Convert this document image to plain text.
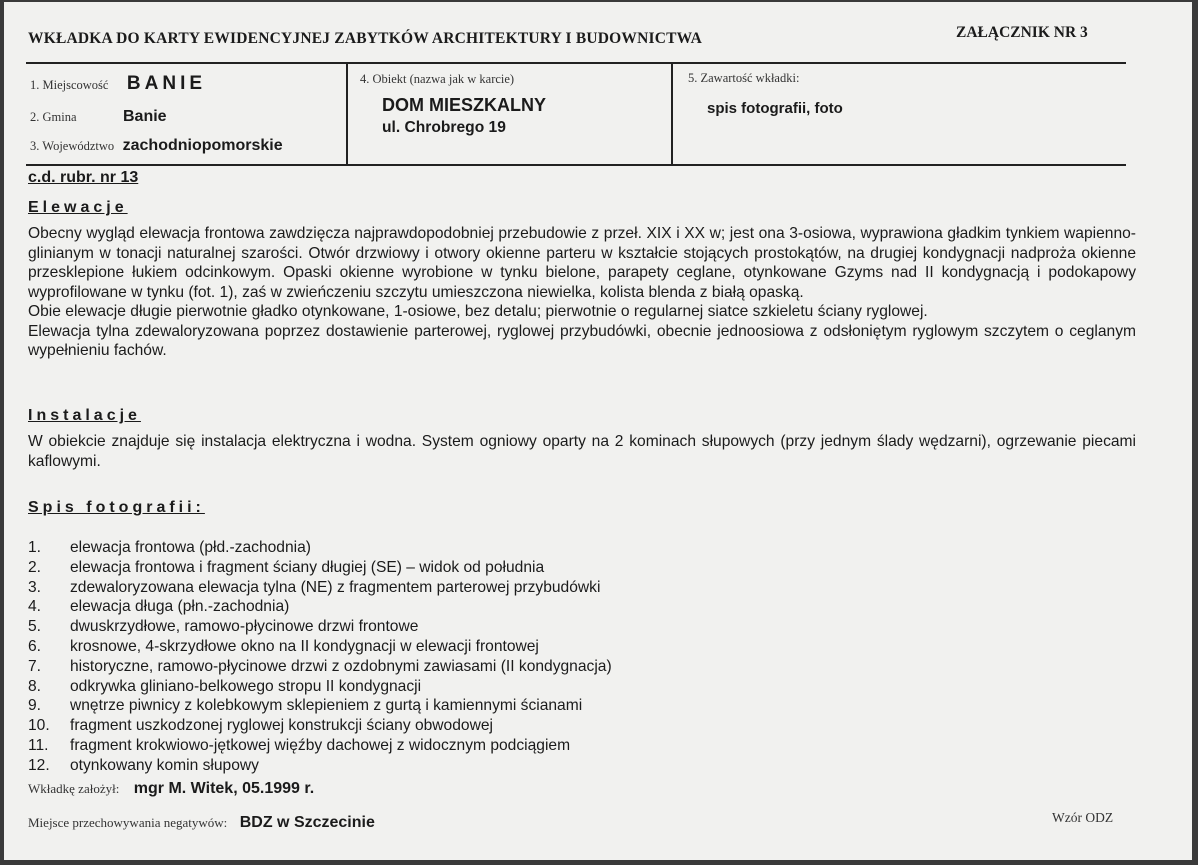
WKŁADKA DO KARTY EWIDENCYJNEJ ZABYTKÓW ARCHITEKTURY I BUDOWNICTWA	ZAŁĄCZNIK NR 3
1. Miejscowość BANIE
2. Gmina	Banie
3. Województwo zachodniopomorskie
4. Obiekt (nazwa jak w karcie)
DOM MIESZKALNY
ul. Chrobrego 19
5. Zawartość wkładki:
spis fotografii, foto
c.d. rubr. nr 13
Elewacje
Obecny wygląd elewacja frontowa zawdzięcza najprawdopodobniej przebudowie z przeł. XIX i XX w; jest ona 3-osiowa, wyprawiona gładkim tynkiem wapienno-glinianym w tonacji naturalnej szarości. Otwór drzwiowy i otwory okienne parteru w kształcie stojących prostokątów, na drugiej kondygnacji nadproża okienne przesklepione łukiem odcinkowym. Opaski okienne wyrobione w tynku bielone, parapety ceglane, otynkowane Gzyms nad II kondygnacją i podokapowy wyprofilowane w tynku (fot. 1), zaś w zwieńczeniu szczytu umieszczona niewielka, kolista blenda z białą opaską.
Obie elewacje długie pierwotnie gładko otynkowane, 1-osiowe, bez detalu; pierwotnie o regularnej siatce szkieletu ściany ryglowej.
Elewacja tylna zdewaloryzowana poprzez dostawienie parterowej, ryglowej przybudówki, obecnie jednoosiowa z odsłoniętym ryglowym szczytem o ceglanym wypełnieniu fachów.
Instalacje
W obiekcie znajduje się instalacja elektryczna i wodna. System ogniowy oparty na 2 kominach słupowych (przy jednym ślady wędzarni), ogrzewanie piecami kaflowymi.
Spis fotografii:
1. elewacja frontowa (płd.-zachodnia)
2. elewacja frontowa i fragment ściany długiej (SE) – widok od południa
3. zdewaloryzowana elewacja tylna (NE) z fragmentem parterowej przybudówki
4. elewacja długa (płn.-zachodnia)
5. dwuskrzydłowe, ramowo-płycinowe drzwi frontowe
6. krosnowe, 4-skrzydłowe okno na II kondygnacji w elewacji frontowej
7. historyczne, ramowo-płycinowe drzwi z ozdobnymi zawiasami (II kondygnacja)
8. odkrywka gliniano-belkowego stropu II kondygnacji
9. wnętrze piwnicy z kolebkowym sklepieniem z gurtą i kamiennymi ścianami
10. fragment uszkodzonej ryglowej konstrukcji ściany obwodowej
11. fragment krokwiowo-jętkowej więźby dachowej z widocznym podciągiem
12. otynkowany komin słupowy
Wkładkę założył: mgr M. Witek, 05.1999 r.
Miejsce przechowywania negatywów: BDZ w Szczecinie	Wzór ODZ
